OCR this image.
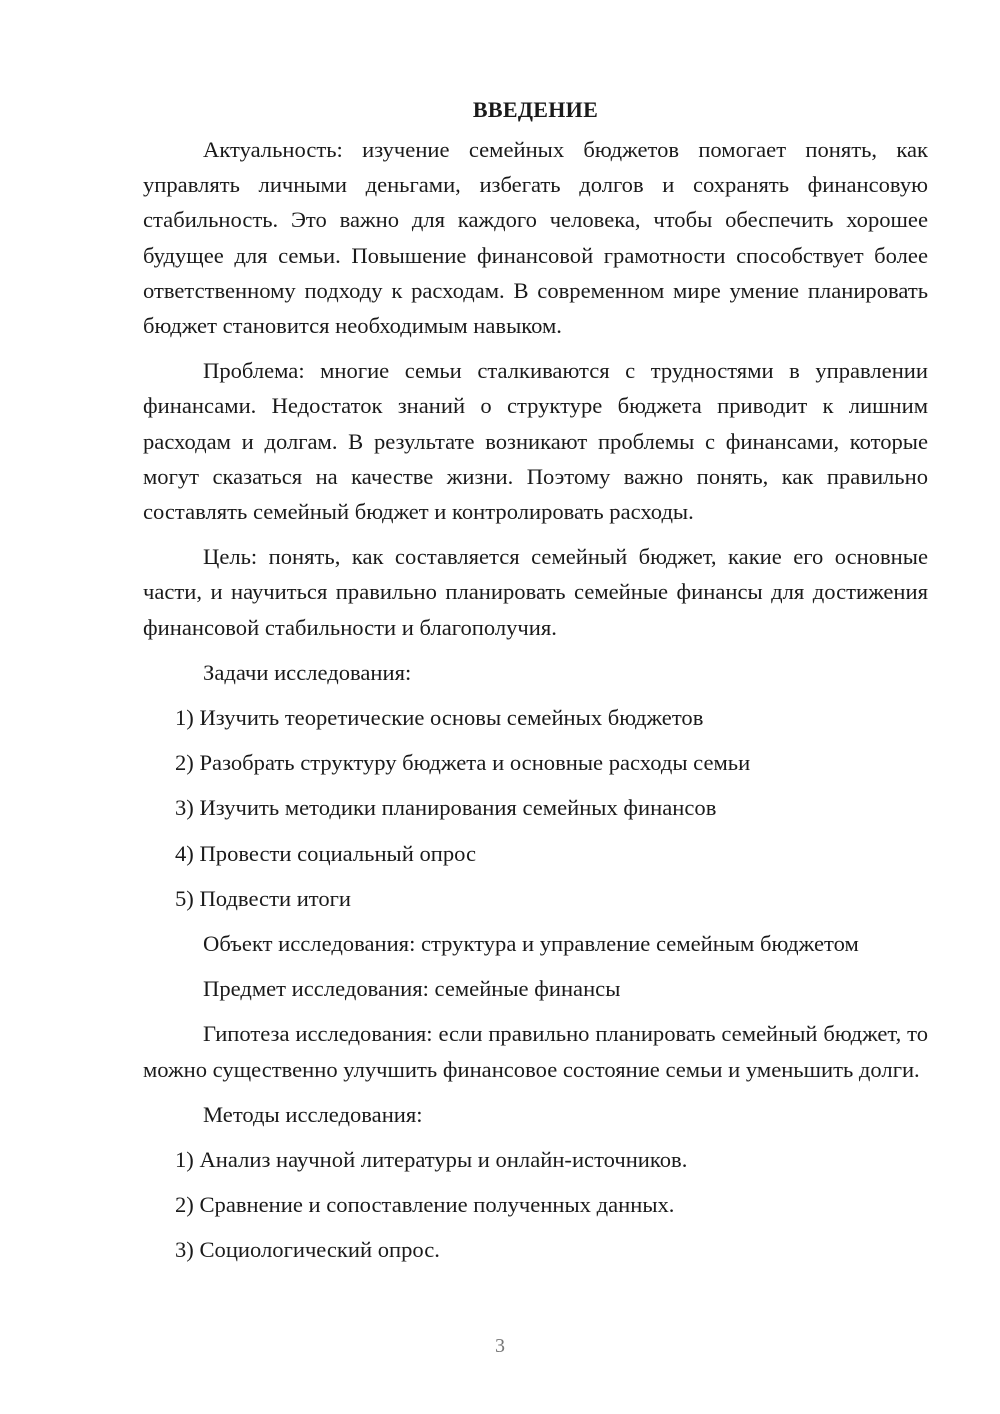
ВВЕДЕНИЕ

Актуальность: изучение семейных бюджетов помогает понять, как управлять личными деньгами, избегать долгов и сохранять финансовую стабильность. Это важно для каждого человека, чтобы обеспечить хорошее будущее для семьи. Повышение финансовой грамотности способствует более ответственному подходу к расходам. В современном мире умение планировать бюджет становится необходимым навыком.

Проблема: многие семьи сталкиваются с трудностями в управлении финансами. Недостаток знаний о структуре бюджета приводит к лишним расходам и долгам. В результате возникают проблемы с финансами, которые могут сказаться на качестве жизни. Поэтому важно понять, как правильно составлять семейный бюджет и контролировать расходы.

Цель: понять, как составляется семейный бюджет, какие его основные части, и научиться правильно планировать семейные финансы для достижения финансовой стабильности и благополучия.

Задачи исследования:
1) Изучить теоретические основы семейных бюджетов
2) Разобрать структуру бюджета и основные расходы семьи
3) Изучить методики планирования семейных финансов
4) Провести социальный опрос
5) Подвести итоги
Объект исследования: структура и управление семейным бюджетом
Предмет исследования: семейные финансы

Гипотеза исследования: если правильно планировать семейный бюджет, то можно существенно улучшить финансовое состояние семьи и уменьшить долги.

Методы исследования:
1) Анализ научной литературы и онлайн-источников.
2) Сравнение и сопоставление полученных данных.
3) Социологический опрос.
3
